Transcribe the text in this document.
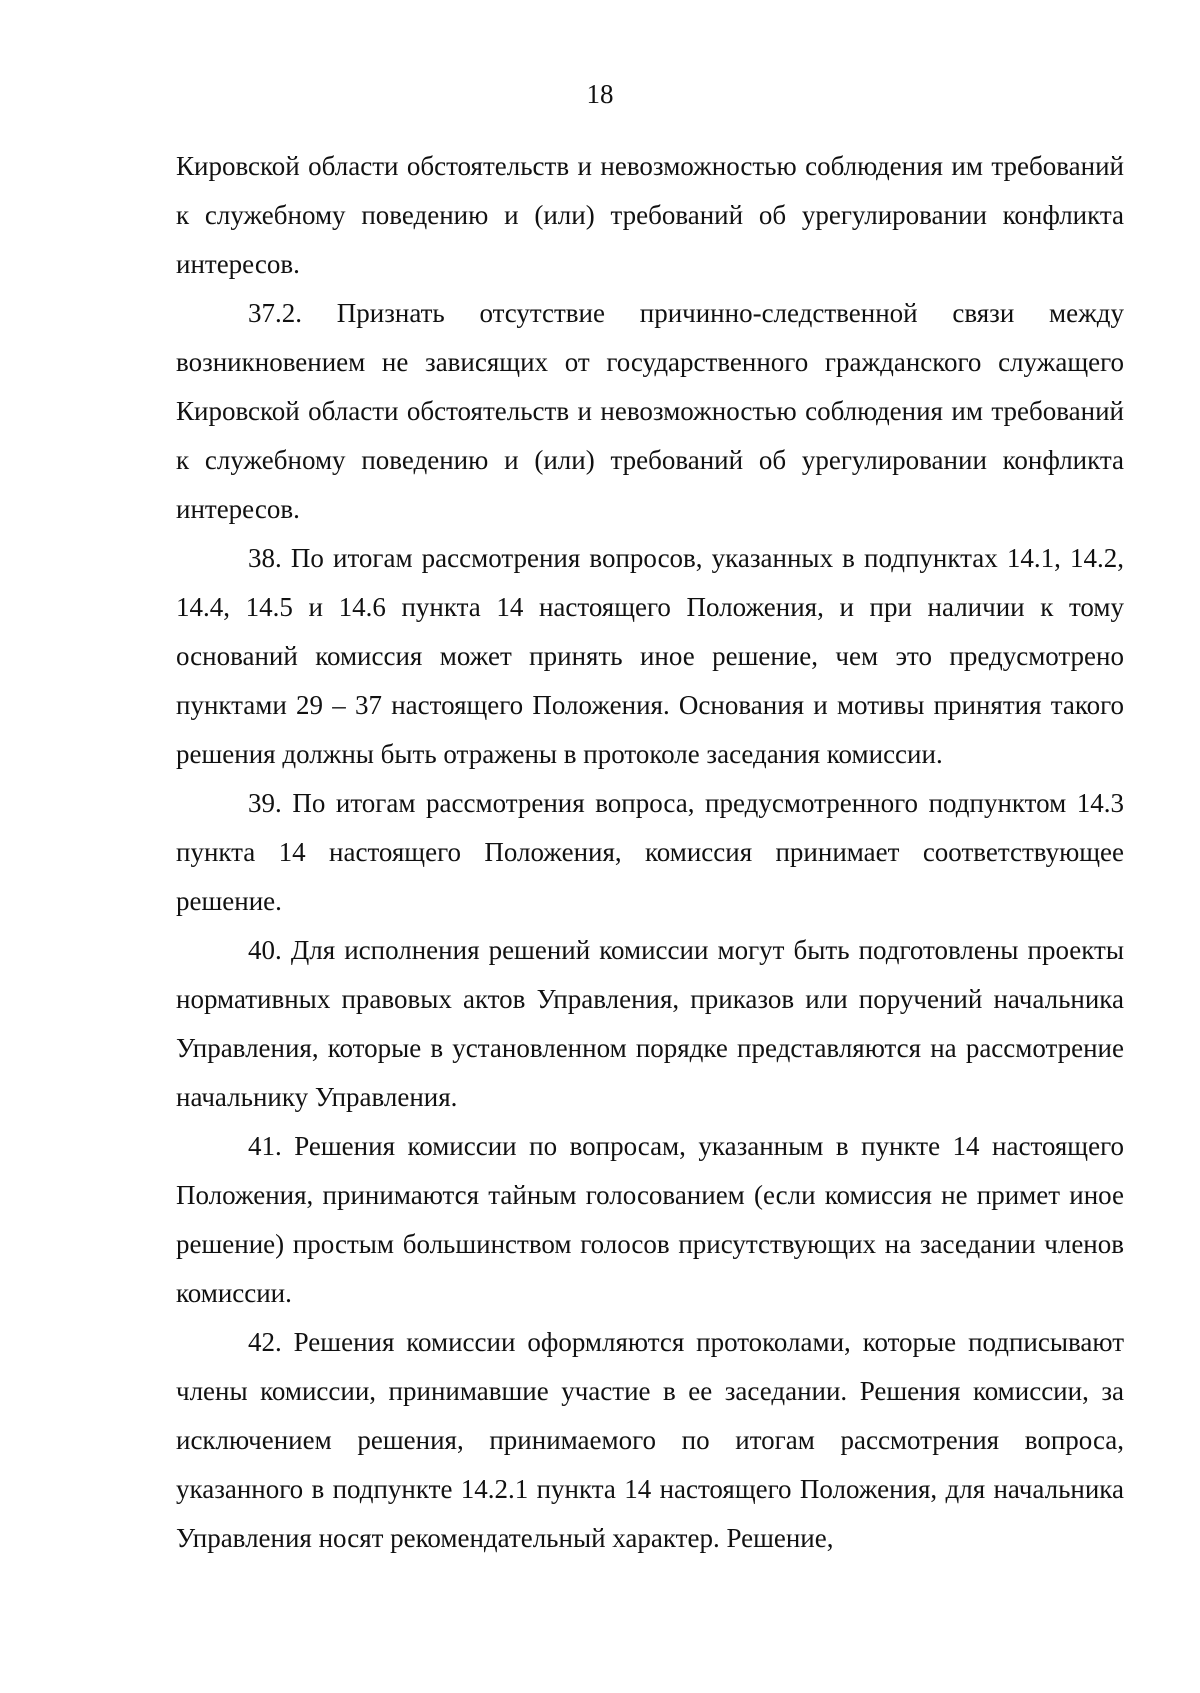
18

Кировской области обстоятельств и невозможностью соблюдения им требований к служебному поведению и (или) требований об урегулировании конфликта интересов.

37.2. Признать отсутствие причинно-следственной связи между возникновением не зависящих от государственного гражданского служащего Кировской области обстоятельств и невозможностью соблюдения им требований к служебному поведению и (или) требований об урегулировании конфликта интересов.

38. По итогам рассмотрения вопросов, указанных в подпунктах 14.1, 14.2, 14.4, 14.5 и 14.6 пункта 14 настоящего Положения, и при наличии к тому оснований комиссия может принять иное решение, чем это предусмотрено пунктами 29 – 37 настоящего Положения. Основания и мотивы принятия такого решения должны быть отражены в протоколе заседания комиссии.

39. По итогам рассмотрения вопроса, предусмотренного подпунктом 14.3 пункта 14 настоящего Положения, комиссия принимает соответствующее решение.

40. Для исполнения решений комиссии могут быть подготовлены проекты нормативных правовых актов Управления, приказов или поручений начальника Управления, которые в установленном порядке представляются на рассмотрение начальнику Управления.

41. Решения комиссии по вопросам, указанным в пункте 14 настоящего Положения, принимаются тайным голосованием (если комиссия не примет иное решение) простым большинством голосов присутствующих на заседании членов комиссии.

42. Решения комиссии оформляются протоколами, которые подписывают члены комиссии, принимавшие участие в ее заседании. Решения комиссии, за исключением решения, принимаемого по итогам рассмотрения вопроса, указанного в подпункте 14.2.1 пункта 14 настоящего Положения, для начальника Управления носят рекомендательный характер. Решение,
